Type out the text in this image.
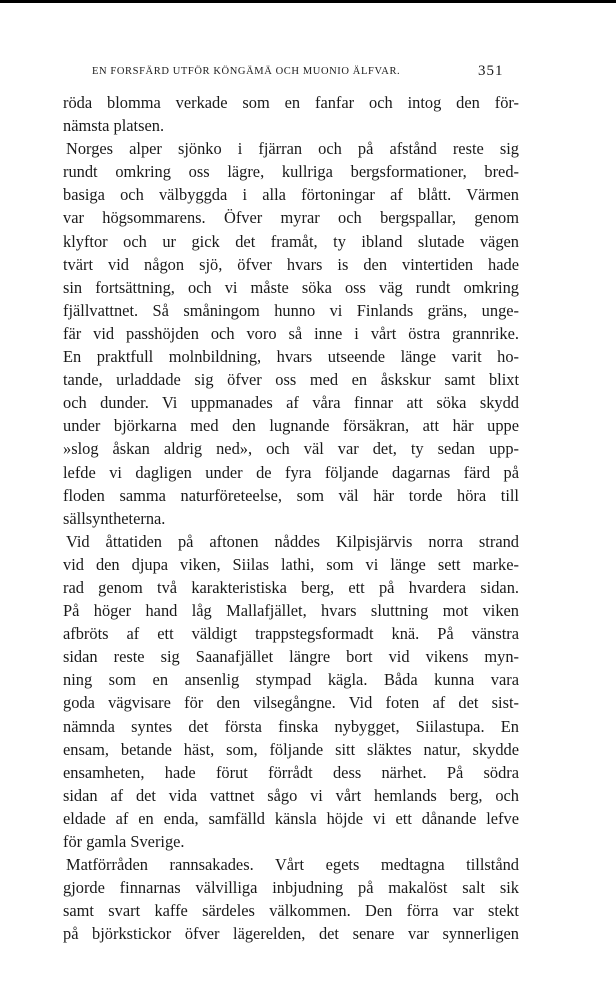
EN FORSFÄRD UTFÖR KÖNGÄMÄ OCH MUONIO ÄLFVAR.	351
röda blomma verkade som en fanfar och intog den för-
nämsta platsen.
Norges alper sjönko i fjärran och på afstånd reste sig
rundt omkring oss lägre, kullriga bergsformationer, bred-
basiga och välbyggda i alla förtoningar af blått. Värmen
var högsommarens. Öfver myrar och bergspallar, genom
klyftor och ur gick det framåt, ty ibland slutade vägen
tvärt vid någon sjö, öfver hvars is den vintertiden hade
sin fortsättning, och vi måste söka oss väg rundt omkring
fjällvattnet. Så småningom hunno vi Finlands gräns, unge-
fär vid passhöjden och voro så inne i vårt östra grannrike.
En praktfull molnbildning, hvars utseende länge varit ho-
tande, urladdade sig öfver oss med en åskskur samt blixt
och dunder. Vi uppmanades af våra finnar att söka skydd
under björkarna med den lugnande försäkran, att här uppe
»slog åskan aldrig ned», och väl var det, ty sedan upp-
lefde vi dagligen under de fyra följande dagarnas färd på
floden samma naturföreteelse, som väl här torde höra till
sällsyntheterna.
Vid åttatiden på aftonen nåddes Kilpisjärvis norra strand
vid den djupa viken, Siilas lathi, som vi länge sett marke-
rad genom två karakteristiska berg, ett på hvardera sidan.
På höger hand låg Mallafjället, hvars sluttning mot viken
afbröts af ett väldigt trappstegsformadt knä. På vänstra
sidan reste sig Saanafjället längre bort vid vikens myn-
ning som en ansenlig stympad kägla. Båda kunna vara
goda vägvisare för den vilsegångne. Vid foten af det sist-
nämnda syntes det första finska nybygget, Siilastupa. En
ensam, betande häst, som, följande sitt släktes natur, skydde
ensamheten, hade förut förrådt dess närhet. På södra
sidan af det vida vattnet sågo vi vårt hemlands berg, och
eldade af en enda, samfälld känsla höjde vi ett dånande lefve
för gamla Sverige.
Matförråden rannsakades. Vårt egets medtagna tillstånd
gjorde finnarnas välvilliga inbjudning på makalöst salt sik
samt svart kaffe särdeles välkommen. Den förra var stekt
på björkstickor öfver lägerelden, det senare var synnerligen
